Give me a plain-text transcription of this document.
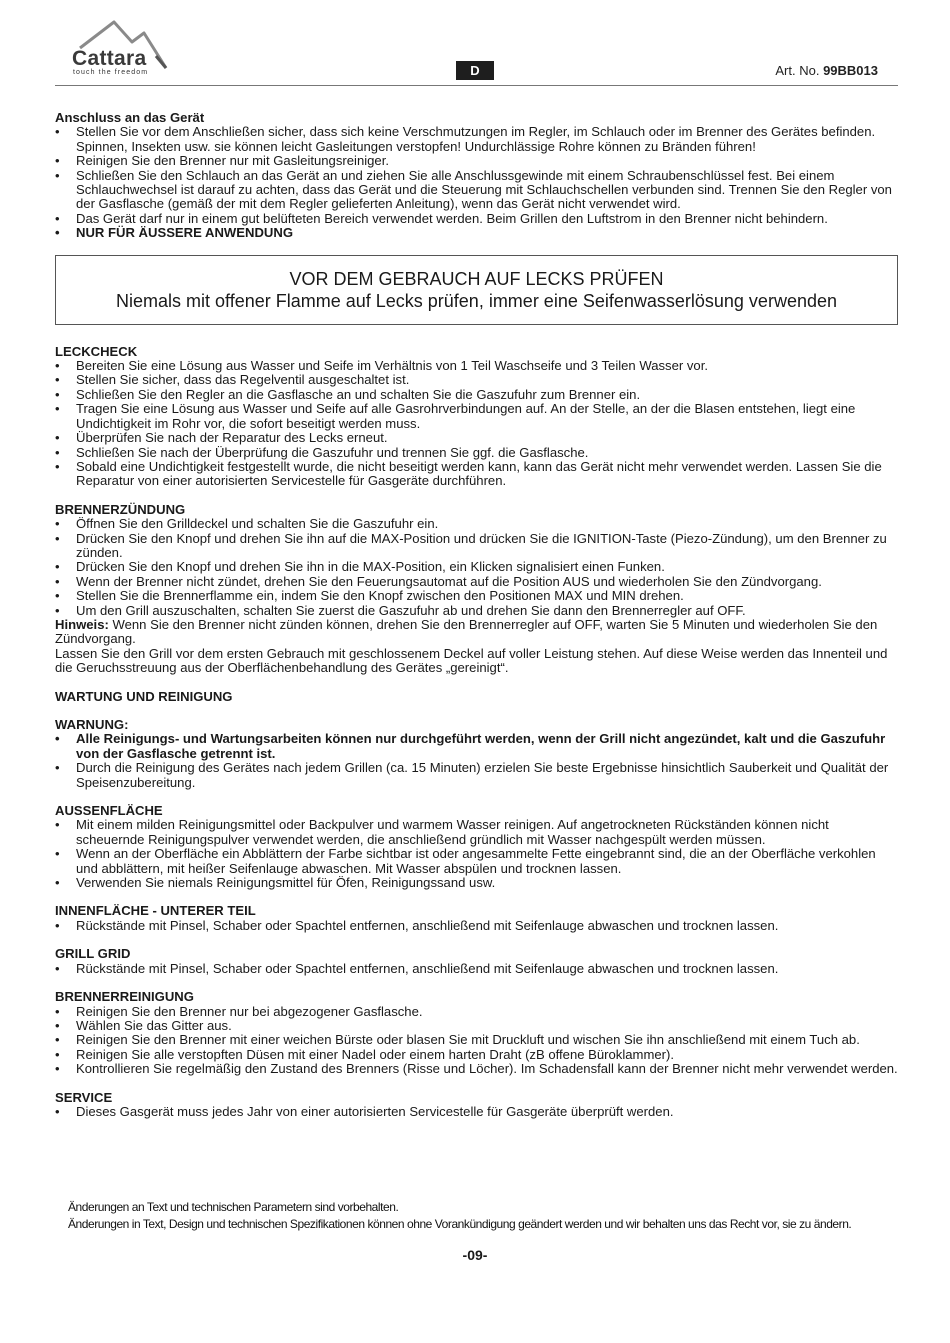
Cattara
touch the freedom	D	Art. No. 99BB013

Anschluss an das Gerät

• Stellen Sie vor dem Anschließen sicher, dass sich keine Verschmutzungen im Regler, im Schlauch oder im Brenner des Gerätes befinden. Spinnen, Insekten usw. sie können leicht Gasleitungen verstopfen! Undurchlässige Rohre können zu Bränden führen!
• Reinigen Sie den Brenner nur mit Gasleitungsreiniger.
• Schließen Sie den Schlauch an das Gerät an und ziehen Sie alle Anschlussgewinde mit einem Schraubenschlüssel fest. Bei einem Schlauchwechsel ist darauf zu achten, dass das Gerät und die Steuerung mit Schlauchschellen verbunden sind. Trennen Sie den Regler von der Gasflasche (gemäß der mit dem Regler gelieferten Anleitung), wenn das Gerät nicht verwendet wird.
• Das Gerät darf nur in einem gut belüfteten Bereich verwendet werden. Beim Grillen den Luftstrom in den Brenner nicht behindern.
• NUR FÜR ÄUSSERE ANWENDUNG
VOR DEM GEBRAUCH AUF LECKS PRÜFEN
Niemals mit offener Flamme auf Lecks prüfen, immer eine Seifenwasserlösung verwenden

LECKCHECK

• Bereiten Sie eine Lösung aus Wasser und Seife im Verhältnis von 1 Teil Waschseife und 3 Teilen Wasser vor.
• Stellen Sie sicher, dass das Regelventil ausgeschaltet ist.
• Schließen Sie den Regler an die Gasflasche an und schalten Sie die Gaszufuhr zum Brenner ein.
• Tragen Sie eine Lösung aus Wasser und Seife auf alle Gasrohrverbindungen auf. An der Stelle, an der die Blasen entstehen, liegt eine Undichtigkeit im Rohr vor, die sofort beseitigt werden muss.
• Überprüfen Sie nach der Reparatur des Lecks erneut.
• Schließen Sie nach der Überprüfung die Gaszufuhr und trennen Sie ggf. die Gasflasche.
• Sobald eine Undichtigkeit festgestellt wurde, die nicht beseitigt werden kann, kann das Gerät nicht mehr verwendet werden. Lassen Sie die Reparatur von einer autorisierten Servicestelle für Gasgeräte durchführen.

BRENNERZÜNDUNG

• Öffnen Sie den Grilldeckel und schalten Sie die Gaszufuhr ein.
• Drücken Sie den Knopf und drehen Sie ihn auf die MAX-Position und drücken Sie die IGNITION-Taste (Piezo-Zündung), um den Brenner zu zünden.
• Drücken Sie den Knopf und drehen Sie ihn in die MAX-Position, ein Klicken signalisiert einen Funken.
• Wenn der Brenner nicht zündet, drehen Sie den Feuerungsautomat auf die Position AUS und wiederholen Sie den Zündvorgang.
• Stellen Sie die Brennerflamme ein, indem Sie den Knopf zwischen den Positionen MAX und MIN drehen.
• Um den Grill auszuschalten, schalten Sie zuerst die Gaszufuhr ab und drehen Sie dann den Brennerregler auf OFF.

Hinweis: Wenn Sie den Brenner nicht zünden können, drehen Sie den Brennerregler auf OFF, warten Sie 5 Minuten und wiederholen Sie den Zündvorgang.

Lassen Sie den Grill vor dem ersten Gebrauch mit geschlossenem Deckel auf voller Leistung stehen. Auf diese Weise werden das Innenteil und die Geruchsstreuung aus der Oberflächenbehandlung des Gerätes „gereinigt“.

WARTUNG UND REINIGUNG

WARNUNG:

• Alle Reinigungs- und Wartungsarbeiten können nur durchgeführt werden, wenn der Grill nicht angezündet, kalt und die Gaszufuhr von der Gasflasche getrennt ist.
• Durch die Reinigung des Gerätes nach jedem Grillen (ca. 15 Minuten) erzielen Sie beste Ergebnisse hinsichtlich Sauberkeit und Qualität der Speisenzubereitung.

AUSSENFLÄCHE

• Mit einem milden Reinigungsmittel oder Backpulver und warmem Wasser reinigen. Auf angetrockneten Rückständen können nicht scheuernde Reinigungspulver verwendet werden, die anschließend gründlich mit Wasser nachgespült werden müssen.
• Wenn an der Oberfläche ein Abblättern der Farbe sichtbar ist oder angesammelte Fette eingebrannt sind, die an der Oberfläche verkohlen und abblättern, mit heißer Seifenlauge abwaschen. Mit Wasser abspülen und trocknen lassen.
• Verwenden Sie niemals Reinigungsmittel für Öfen, Reinigungssand usw.

INNENFLÄCHE - UNTERER TEIL

• Rückstände mit Pinsel, Schaber oder Spachtel entfernen, anschließend mit Seifenlauge abwaschen und trocknen lassen.

GRILL GRID

• Rückstände mit Pinsel, Schaber oder Spachtel entfernen, anschließend mit Seifenlauge abwaschen und trocknen lassen.

BRENNERREINIGUNG

• Reinigen Sie den Brenner nur bei abgezogener Gasflasche.
• Wählen Sie das Gitter aus.
• Reinigen Sie den Brenner mit einer weichen Bürste oder blasen Sie mit Druckluft und wischen Sie ihn anschließend mit einem Tuch ab.
• Reinigen Sie alle verstopften Düsen mit einer Nadel oder einem harten Draht (zB offene Büroklammer).
• Kontrollieren Sie regelmäßig den Zustand des Brenners (Risse und Löcher). Im Schadensfall kann der Brenner nicht mehr verwendet werden.

SERVICE

• Dieses Gasgerät muss jedes Jahr von einer autorisierten Servicestelle für Gasgeräte überprüft werden.
Änderungen an Text und technischen Parametern sind vorbehalten.
Änderungen in Text, Design und technischen Spezifikationen können ohne Vorankündigung geändert werden und wir behalten uns das Recht vor, sie zu ändern.
-09-
